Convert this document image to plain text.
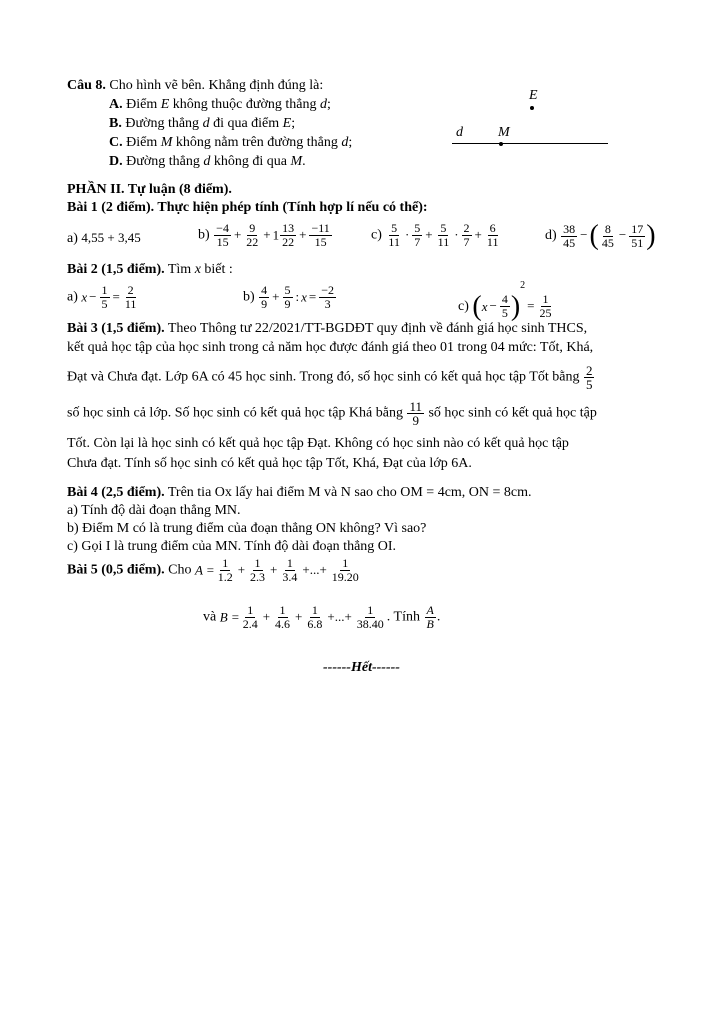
Câu 8. Cho hình vẽ bên. Khẳng định đúng là:
A. Điểm E không thuộc đường thẳng d;
B. Đường thẳng d đi qua điểm E;
C. Điểm M không nằm trên đường thẳng d;
D. Đường thẳng d không đi qua M.
E
d	M
PHẦN II. Tự luận (8 điểm).
Bài 1 (2 điểm). Thực hiện phép tính (Tính hợp lí nếu có thể):
a) 4,55 + 3,45	$b) \frac{-4}{15} + \frac{9}{22} + 1 \frac{13}{22} + \frac{-11}{15}$	$c) \frac{5}{11} \cdot \frac{5}{7} + \frac{5}{11} \cdot \frac{2}{7} + \frac{6}{11}$	$d) \frac{38}{45}$ −( $\frac{8}{45} - \frac{17}{51}$ )
Bài 2 (1,5 điểm). Tìm x biết :
a) $x - \frac{1}{5} = \frac{2}{11}$	$b) \frac{4}{9} + \frac{5}{9}$ : $x = \frac{-2}{3}$	c) $(x - \frac{4}{5} )^2= \frac{1}{25}$
Bài 3 (1,5 điểm). Theo Thông tư 22/2021/TT-BGDĐT quy định về đánh giá học sinh THCS,
kết quả học tập của học sinh trong cả năm học được đánh giá theo 01 trong 04 mức: Tốt, Khá,
Đạt và Chưa đạt. Lớp 6A có 45 học sinh. Trong đó, số học sinh có kết quả học tập Tốt bằng $\frac{2}{5}$
số học sinh cả lớp. Số học sinh có kết quả học tập Khá bằng $\frac{11}{9}$ số học sinh có kết quả học tập
Tốt. Còn lại là học sinh có kết quả học tập Đạt. Không có học sinh nào có kết quả học tập
Chưa đạt. Tính số học sinh có kết quả học tập Tốt, Khá, Đạt của lớp 6A.
Bài 4 (2,5 điểm). Trên tia Ox lấy hai điểm M và N sao cho OM = 4cm, ON = 8cm.
a) Tính độ dài đoạn thẳng MN.
b) Điểm M có là trung điểm của đoạn thẳng ON không? Vì sao?
c) Gọi I là trung điểm của MN. Tính độ dài đoạn thẳng OI.
Bài 5 (0,5 điểm). Cho $A = \frac{1}{1.2} + \frac{1}{2.3} + \frac{1}{3.4}$ +...+ $\frac{1}{19.20}$
và $B = \frac{1}{2.4} + \frac{1}{4.6} + \frac{1}{6.8}$ +...+ $\frac{1}{38.40}$ . Tính $\frac{A}{B}$ .
------Hết------
